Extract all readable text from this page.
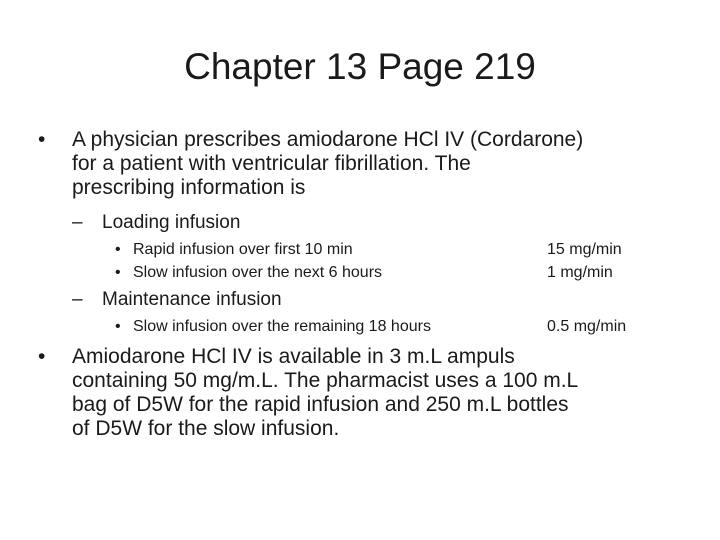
Chapter 13 Page 219
• A physician prescribes amiodarone HCl IV (Cordarone)
for a patient with ventricular fibrillation. The
prescribing information is
– Loading infusion
• Rapid infusion over first 10 min	15 mg/min
• Slow infusion over the next 6 hours	1 mg/min
– Maintenance infusion
• Slow infusion over the remaining 18 hours	0.5 mg/min
• Amiodarone HCl IV is available in 3 m.L ampuls
containing 50 mg/m.L. The pharmacist uses a 100 m.L
bag of D5W for the rapid infusion and 250 m.L bottles
of D5W for the slow infusion.
